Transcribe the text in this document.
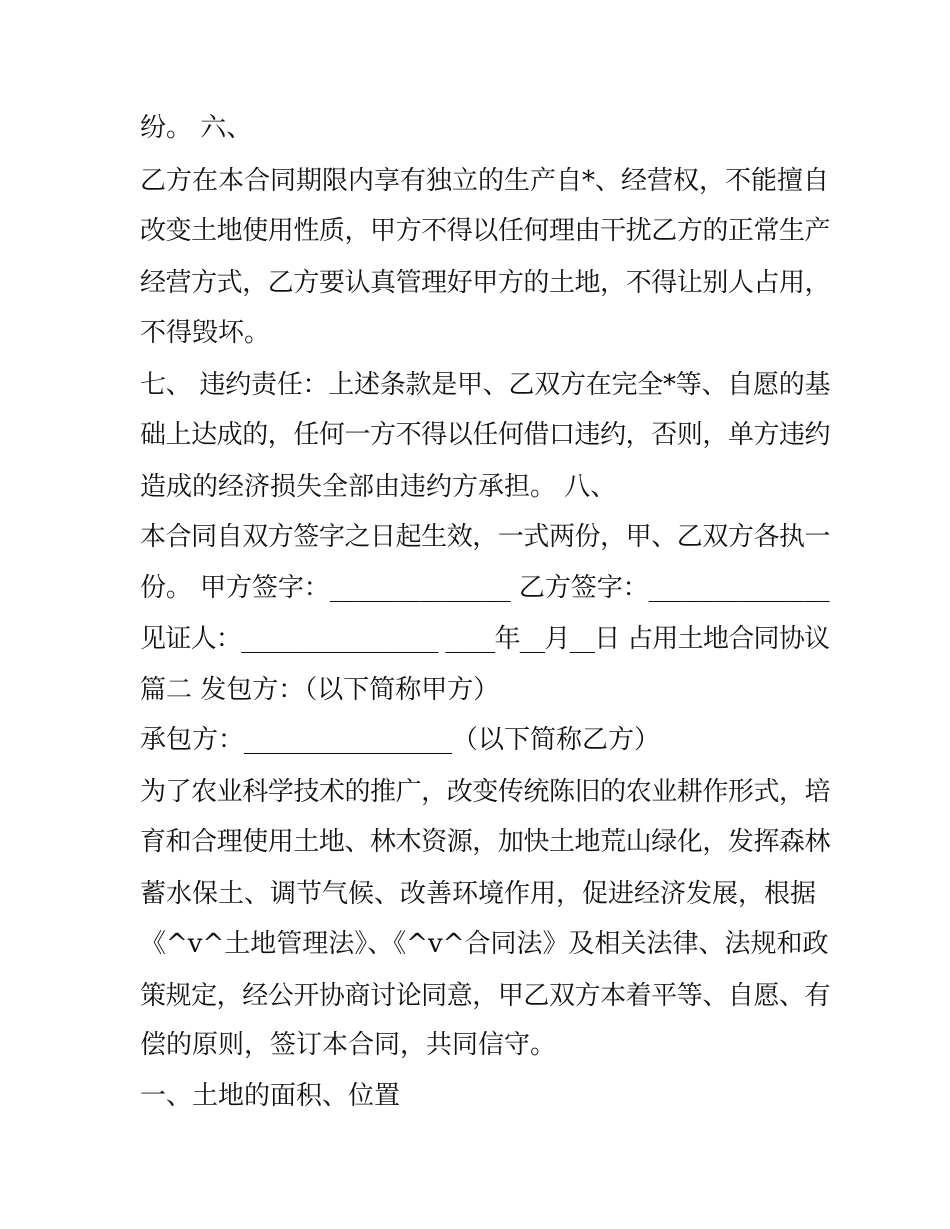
纷。 六、
乙方在本合同期限内享有独立的生产自*、经营权，不能擅自
改变土地使用性质，甲方不得以任何理由干扰乙方的正常生产
经营方式，乙方要认真管理好甲方的土地，不得让别人占用，
不得毁坏。
七、 违约责任：上述条款是甲、乙双方在完全*等、自愿的基
础上达成的，任何一方不得以任何借口违约，否则，单方违约
造成的经济损失全部由违约方承担。 八、
本合同自双方签字之日起生效，一式两份，甲、乙双方各执一
份。 甲方签字：______________ 乙方签字：______________
见证人：________________ ____年__月__日 占用土地合同协议
篇二 发包方：（以下简称甲方）
承包方：________________（以下简称乙方）
为了农业科学技术的推广，改变传统陈旧的农业耕作形式，培
育和合理使用土地、林木资源，加快土地荒山绿化，发挥森林
蓄水保土、调节气候、改善环境作用，促进经济发展，根据
《^v^土地管理法》、《^v^合同法》及相关法律、法规和政
策规定，经公开协商讨论同意，甲乙双方本着平等、自愿、有
偿的原则，签订本合同，共同信守。
一、土地的面积、位置
